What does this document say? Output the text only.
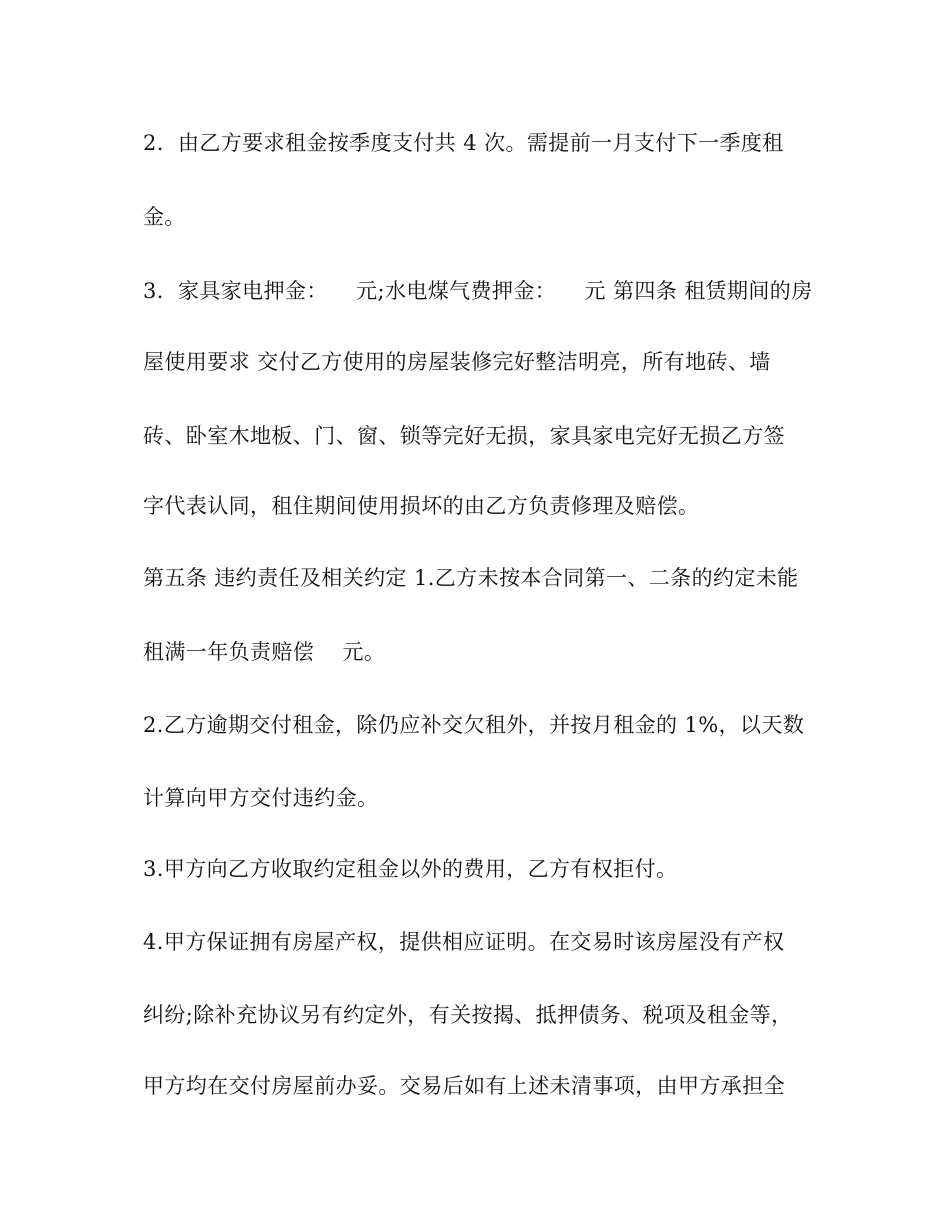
2.  由乙方要求租金按季度支付共 4 次。需提前一月支付下一季度租
金。
3.  家具家电押金：    元;水电煤气费押金：    元 第四条 租赁期间的房
屋使用要求 交付乙方使用的房屋装修完好整洁明亮，所有地砖、墙
砖、卧室木地板、门、窗、锁等完好无损，家具家电完好无损乙方签
字代表认同，租住期间使用损坏的由乙方负责修理及赔偿。
第五条 违约责任及相关约定 1.乙方未按本合同第一、二条的约定未能
租满一年负责赔偿    元。
2.乙方逾期交付租金，除仍应补交欠租外，并按月租金的 1%，以天数
计算向甲方交付违约金。
3.甲方向乙方收取约定租金以外的费用，乙方有权拒付。
4.甲方保证拥有房屋产权，提供相应证明。在交易时该房屋没有产权
纠纷;除补充协议另有约定外，有关按揭、抵押债务、税项及租金等，
甲方均在交付房屋前办妥。交易后如有上述未清事项，由甲方承担全
